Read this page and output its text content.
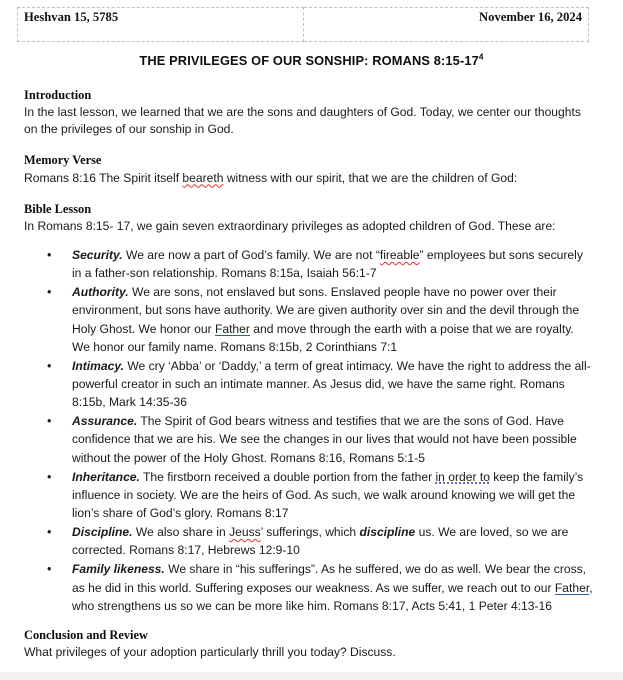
Heshvan 15, 5785	November 16, 2024
THE PRIVILEGES OF OUR SONSHIP: ROMANS $8:15-17^4$
Introduction

In the last lesson, we learned that we are the sons and daughters of God. Today, we center our thoughts on the privileges of our sonship in God.

Memory Verse

Romans 8:16 The Spirit itself beareth witness with our spirit, that we are the children of God:

Bible Lesson

In Romans 8:15- 17, we gain seven extraordinary privileges as adopted children of God. These are:

• Security. We are now a part of God’s family. We are not “fireable” employees but sons securely in a father-son relationship. Romans 8:15a, Isaiah 56:1-7
• Authority. We are sons, not enslaved but sons. Enslaved people have no power over their environment, but sons have authority. We are given authority over sin and the devil through the Holy Ghost. We honor our Father and move through the earth with a poise that we are royalty. We honor our family name. Romans 8:15b, 2 Corinthians 7:1
• Intimacy. We cry ‘Abba’ or ‘Daddy,’ a term of great intimacy. We have the right to address the all-powerful creator in such an intimate manner. As Jesus did, we have the same right. Romans 8:15b, Mark 14:35-36
• Assurance. The Spirit of God bears witness and testifies that we are the sons of God. Have confidence that we are his. We see the changes in our lives that would not have been possible without the power of the Holy Ghost. Romans 8:16, Romans 5:1-5
• Inheritance. The firstborn received a double portion from the father in order to keep the family’s influence in society. We are the heirs of God. As such, we walk around knowing we will get the lion’s share of God’s glory. Romans 8:17
• Discipline. We also share in Jeuss’ sufferings, which discipline us. We are loved, so we are corrected. Romans 8:17, Hebrews 12:9-10
• Family likeness. We share in “his sufferings”. As he suffered, we do as well. We bear the cross, as he did in this world. Suffering exposes our weakness. As we suffer, we reach out to our Father, who strengthens us so we can be more like him. Romans 8:17, Acts 5:41, 1 Peter 4:13-16
Conclusion and Review

What privileges of your adoption particularly thrill you today? Discuss.
